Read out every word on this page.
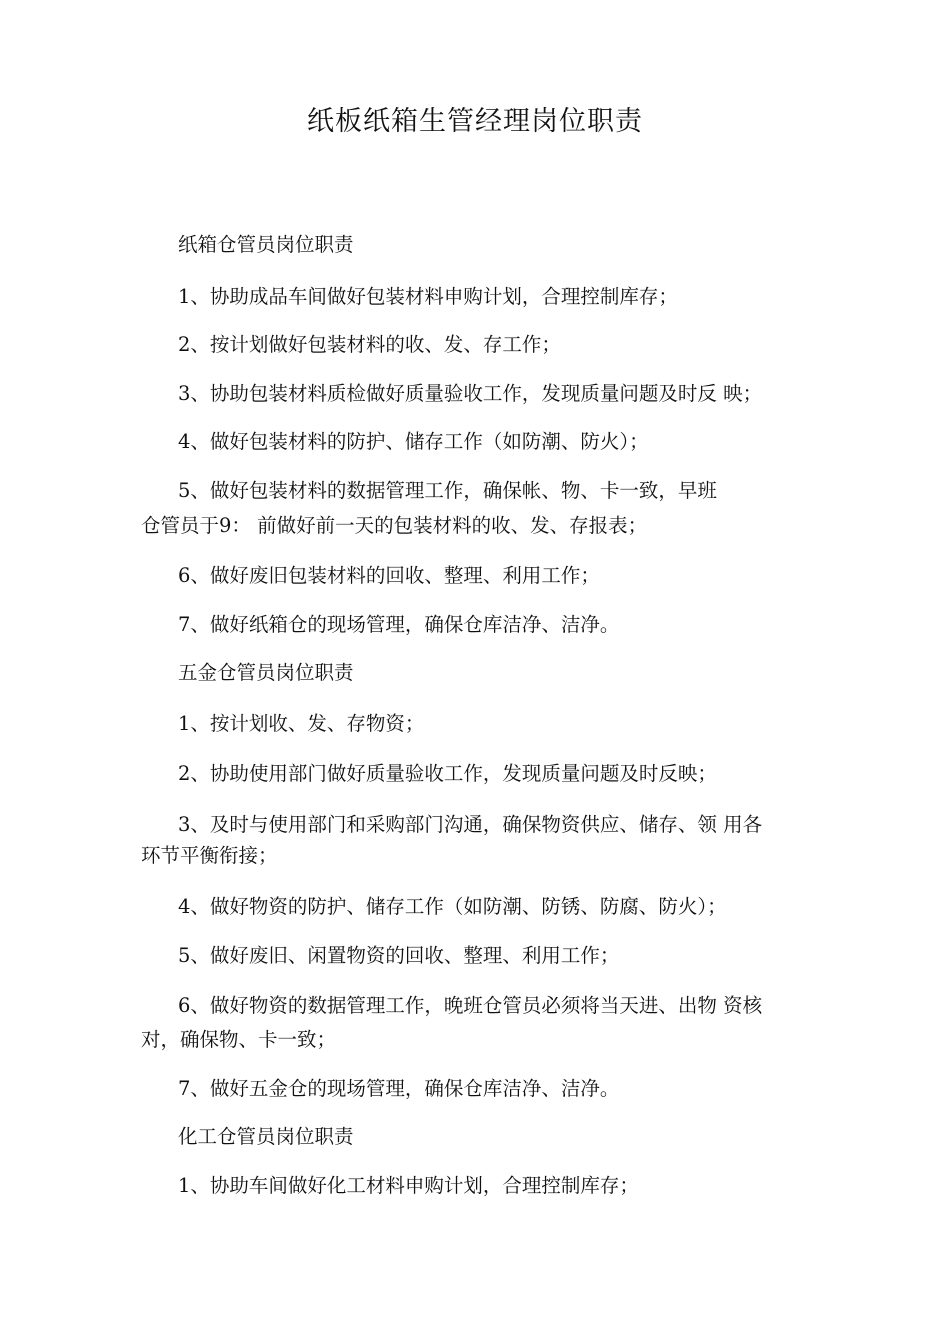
纸板纸箱生管经理岗位职责

纸箱仓管员岗位职责

1、协助成品车间做好包装材料申购计划，合理控制库存；

2、按计划做好包装材料的收、发、存工作；

3、协助包装材料质检做好质量验收工作，发现质量问题及时反 映；

4、做好包装材料的防护、储存工作（如防潮、防火）；

5、做好包装材料的数据管理工作，确保帐、物、卡一致，早班

仓管员于9： 前做好前一天的包装材料的收、发、存报表；

6、做好废旧包装材料的回收、整理、利用工作；

7、做好纸箱仓的现场管理，确保仓库洁净、洁净。

五金仓管员岗位职责

1、按计划收、发、存物资；

2、协助使用部门做好质量验收工作，发现质量问题及时反映；

3、及时与使用部门和采购部门沟通，确保物资供应、储存、领 用各

环节平衡衔接；

4、做好物资的防护、储存工作（如防潮、防锈、防腐、防火）；

5、做好废旧、闲置物资的回收、整理、利用工作；

6、做好物资的数据管理工作，晚班仓管员必须将当天进、出物 资核

对，确保物、卡一致；

7、做好五金仓的现场管理，确保仓库洁净、洁净。

化工仓管员岗位职责

1、协助车间做好化工材料申购计划，合理控制库存；
